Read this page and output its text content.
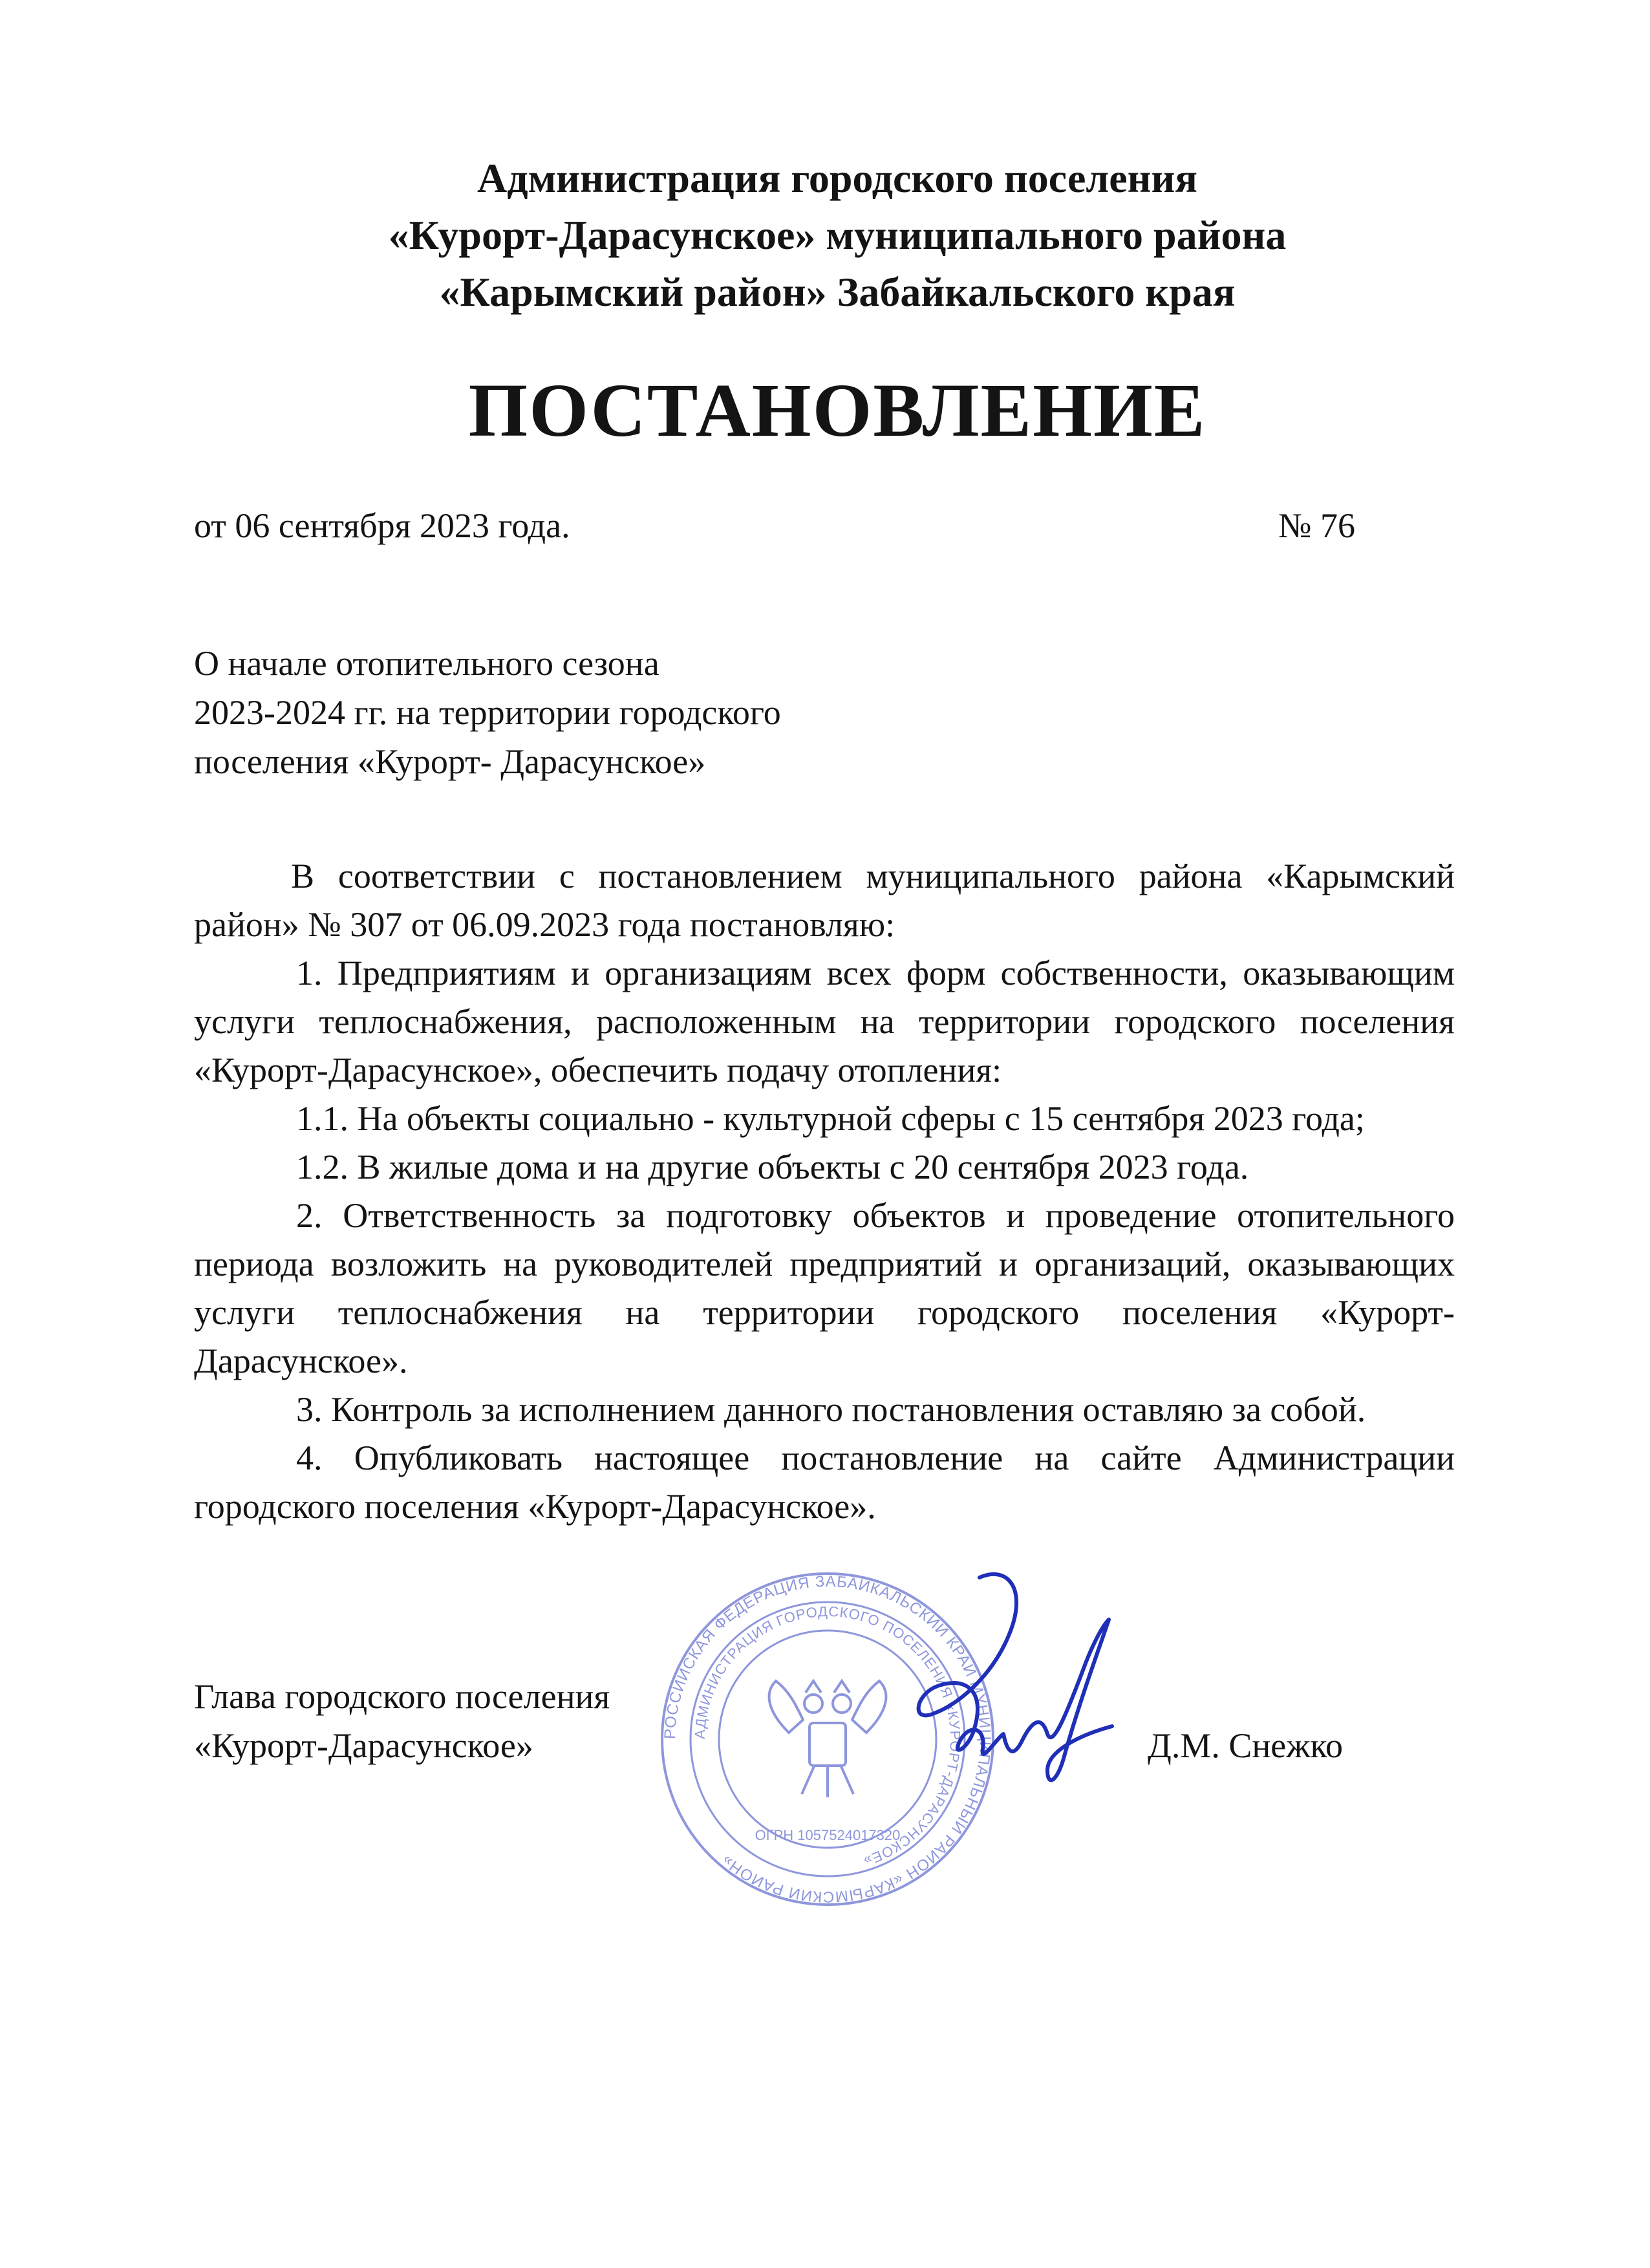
Администрация городского поселения
«Курорт-Дарасунское» муниципального района
«Карымский район» Забайкальского края
ПОСТАНОВЛЕНИЕ
от 06 сентября 2023 года.	№ 76
О начале отопительного сезона
2023-2024 гг. на территории городского
поселения «Курорт- Дарасунское»

В соответствии с постановлением муниципального района «Карымский район» № 307 от 06.09.2023 года постановляю:

1. Предприятиям и организациям всех форм собственности, оказывающим услуги теплоснабжения, расположенным на территории городского поселения «Курорт-Дарасунское», обеспечить подачу отопления:

1.1. На объекты социально - культурной сферы с 15 сентября 2023 года;

1.2. В жилые дома и на другие объекты с 20 сентября 2023 года.

2. Ответственность за подготовку объектов и проведение отопительного периода возложить на руководителей предприятий и организаций, оказывающих услуги теплоснабжения на территории городского поселения «Курорт-Дарасунское».

3. Контроль за исполнением данного постановления оставляю за собой.

4. Опубликовать настоящее постановление на сайте Администрации городского поселения «Курорт-Дарасунское».

Глава городского поселения
«Курорт-Дарасунское»	Д.М. Снежко
РОССИЙСКАЯ ФЕДЕРАЦИЯ ЗАБАЙКАЛЬСКИЙ КРАЙ МУНИЦИПАЛЬНЫЙ РАЙОН «КАРЫМСКИЙ РАЙОН»
АДМИНИСТРАЦИЯ ГОРОДСКОГО ПОСЕЛЕНИЯ «КУРОРТ-ДАРАСУНСКОЕ»
ОГРН 1057524017320
